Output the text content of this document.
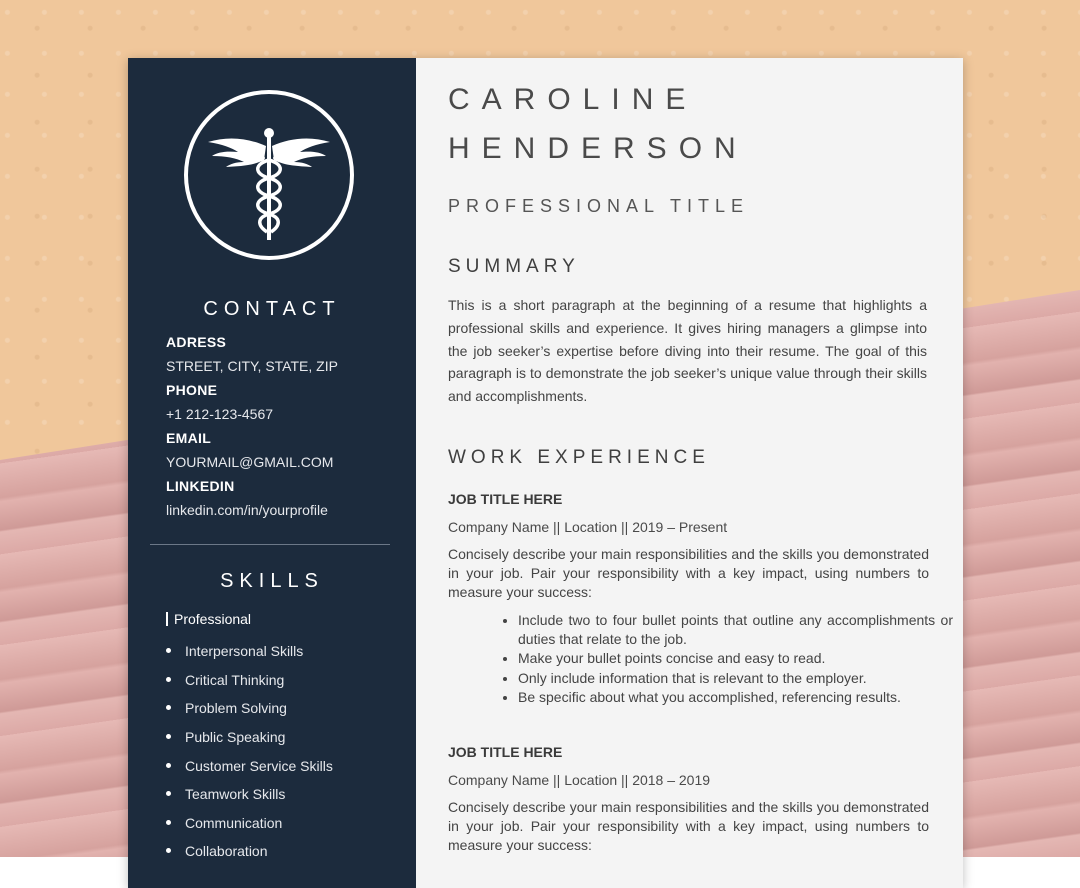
CONTACT
ADRESS
STREET, CITY, STATE, ZIP
PHONE
+1 212-123-4567
EMAIL
YOURMAIL@GMAIL.COM
LINKEDIN
linkedin.com/in/yourprofile
SKILLS
Professional
Interpersonal Skills
Critical Thinking
Problem Solving
Public Speaking
Customer Service Skills
Teamwork Skills
Communication
Collaboration
CAROLINE
HENDERSON
PROFESSIONAL TITLE
SUMMARY

This is a short paragraph at the beginning of a resume that highlights a professional skills and experience. It gives hiring managers a glimpse into the job seeker’s expertise before diving into their resume. The goal of this paragraph is to demonstrate the job seeker’s unique value through their skills and accomplishments.

WORK EXPERIENCE

JOB TITLE HERE

Company Name || Location || 2019 – Present

Concisely describe your main responsibilities and the skills you demonstrated in your job. Pair your responsibility with a key impact, using numbers to measure your success:

• Include two to four bullet points that outline any accomplishments or duties that relate to the job.
• Make your bullet points concise and easy to read.
• Only include information that is relevant to the employer.
• Be specific about what you accomplished, referencing results.

JOB TITLE HERE

Company Name || Location || 2018 – 2019

Concisely describe your main responsibilities and the skills you demonstrated in your job. Pair your responsibility with a key impact, using numbers to measure your success:
